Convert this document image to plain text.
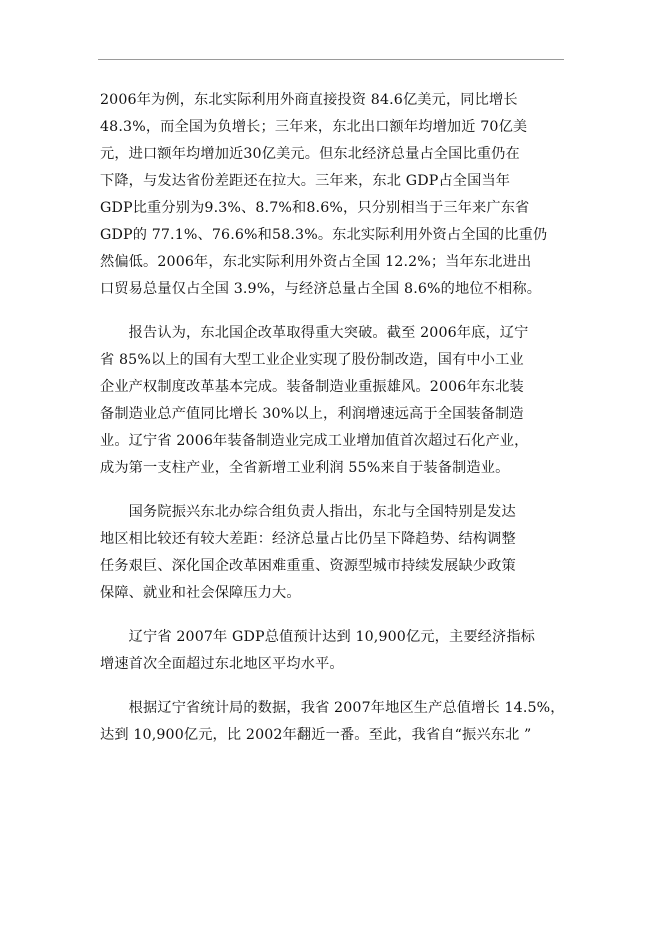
2006年为例，东北实际利用外商直接投资 84.6亿美元，同比增长
48.3%，而全国为负增长；三年来，东北出口额年均增加近 70亿美
元，进口额年均增加近30亿美元。但东北经济总量占全国比重仍在
下降，与发达省份差距还在拉大。三年来，东北 GDP占全国当年
GDP比重分别为9.3%、8.7%和8.6%，只分别相当于三年来广东省
GDP的 77.1%、76.6%和58.3%。东北实际利用外资占全国的比重仍
然偏低。2006年，东北实际利用外资占全国 12.2%；当年东北进出
口贸易总量仅占全国 3.9%，与经济总量占全国 8.6%的地位不相称。
　　报告认为，东北国企改革取得重大突破。截至 2006年底，辽宁
省 85%以上的国有大型工业企业实现了股份制改造，国有中小工业
企业产权制度改革基本完成。装备制造业重振雄风。2006年东北装
备制造业总产值同比增长 30%以上，利润增速远高于全国装备制造
业。辽宁省 2006年装备制造业完成工业增加值首次超过石化产业，
成为第一支柱产业，全省新增工业利润 55%来自于装备制造业。
　　国务院振兴东北办综合组负责人指出，东北与全国特别是发达
地区相比较还有较大差距：经济总量占比仍呈下降趋势、结构调整
任务艰巨、深化国企改革困难重重、资源型城市持续发展缺少政策
保障、就业和社会保障压力大。
　　辽宁省 2007年 GDP总值预计达到 10,900亿元，主要经济指标
增速首次全面超过东北地区平均水平。
　　根据辽宁省统计局的数据，我省 2007年地区生产总值增长 14.5%，
达到 10,900亿元，比 2002年翻近一番。至此，我省自“振兴东北 ”
